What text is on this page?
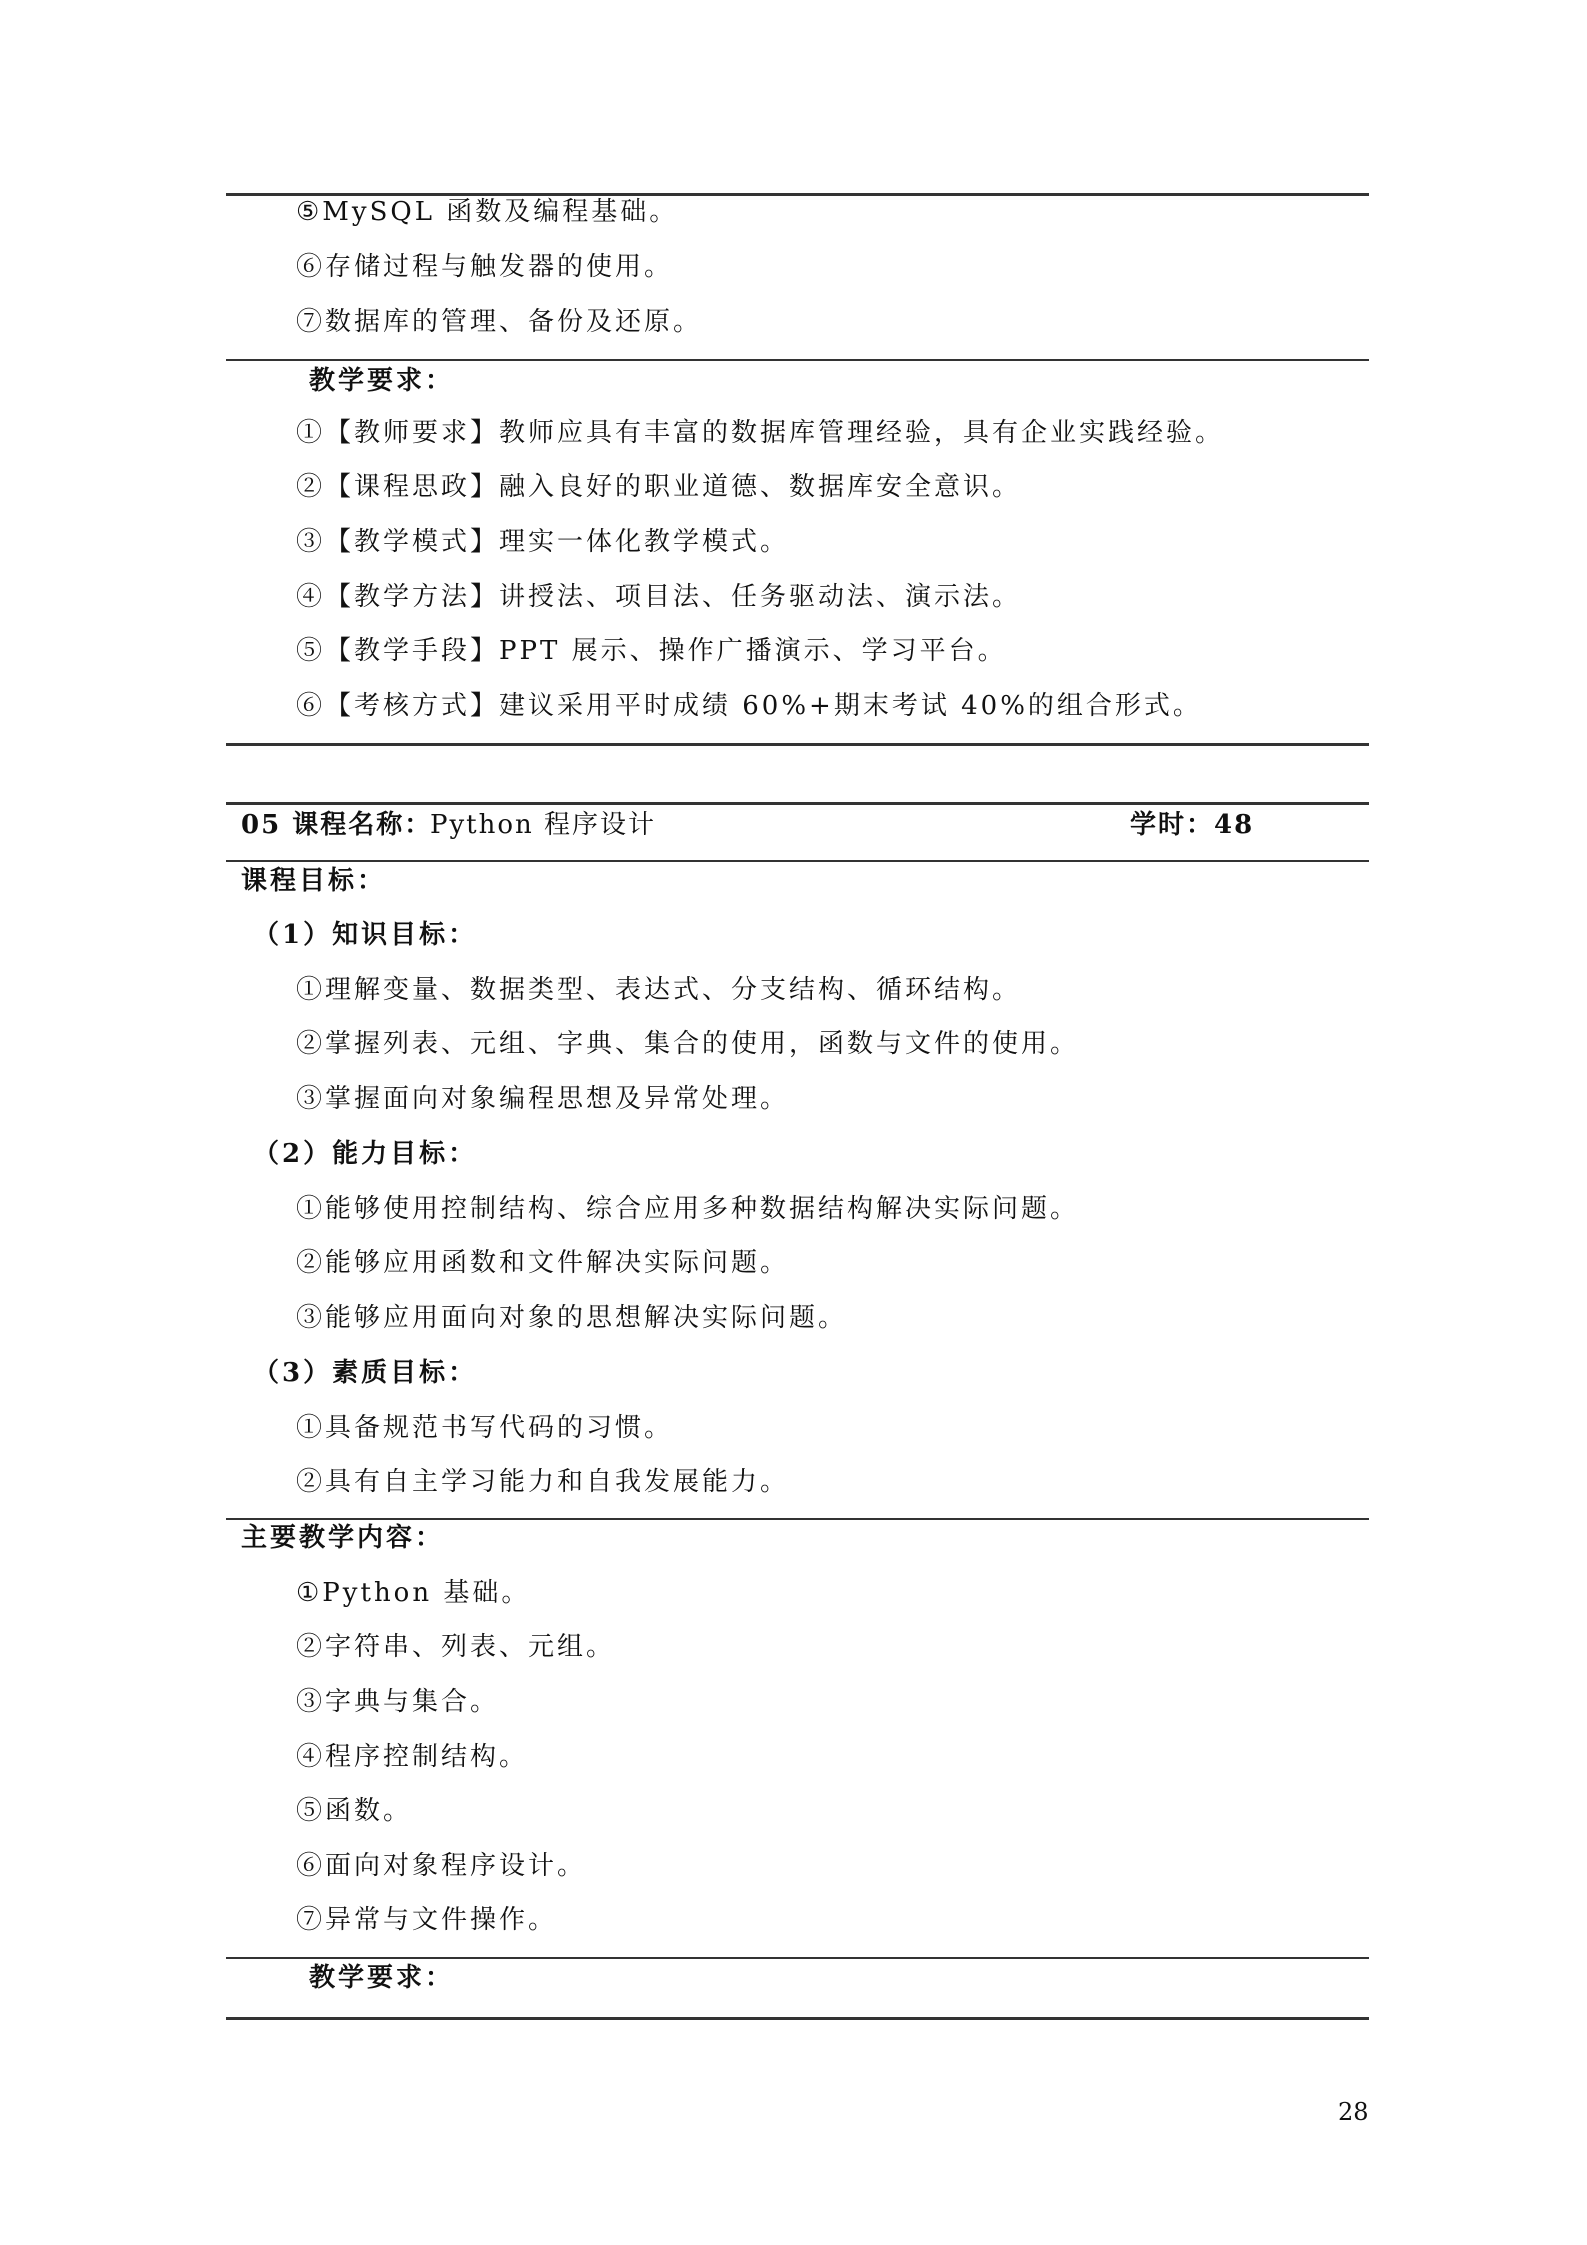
⑤MySQL 函数及编程基础。
⑥存储过程与触发器的使用。
⑦数据库的管理、备份及还原。
教学要求：
①【教师要求】教师应具有丰富的数据库管理经验，具有企业实践经验。
②【课程思政】融入良好的职业道德、数据库安全意识。
③【教学模式】理实一体化教学模式。
④【教学方法】讲授法、项目法、任务驱动法、演示法。
⑤【教学手段】PPT 展示、操作广播演示、学习平台。
⑥【考核方式】建议采用平时成绩 60%+期末考试 40%的组合形式。
05 课程名称：
Python 程序设计	学时：48
课程目标：
（1）知识目标：
①理解变量、数据类型、表达式、分支结构、循环结构。
②掌握列表、元组、字典、集合的使用，函数与文件的使用。
③掌握面向对象编程思想及异常处理。
（2）能力目标：
①能够使用控制结构、综合应用多种数据结构解决实际问题。
②能够应用函数和文件解决实际问题。
③能够应用面向对象的思想解决实际问题。
（3）素质目标：
①具备规范书写代码的习惯。
②具有自主学习能力和自我发展能力。
主要教学内容：
①Python 基础。
②字符串、列表、元组。
③字典与集合。
④程序控制结构。
⑤函数。
⑥面向对象程序设计。
⑦异常与文件操作。
教学要求：
28
